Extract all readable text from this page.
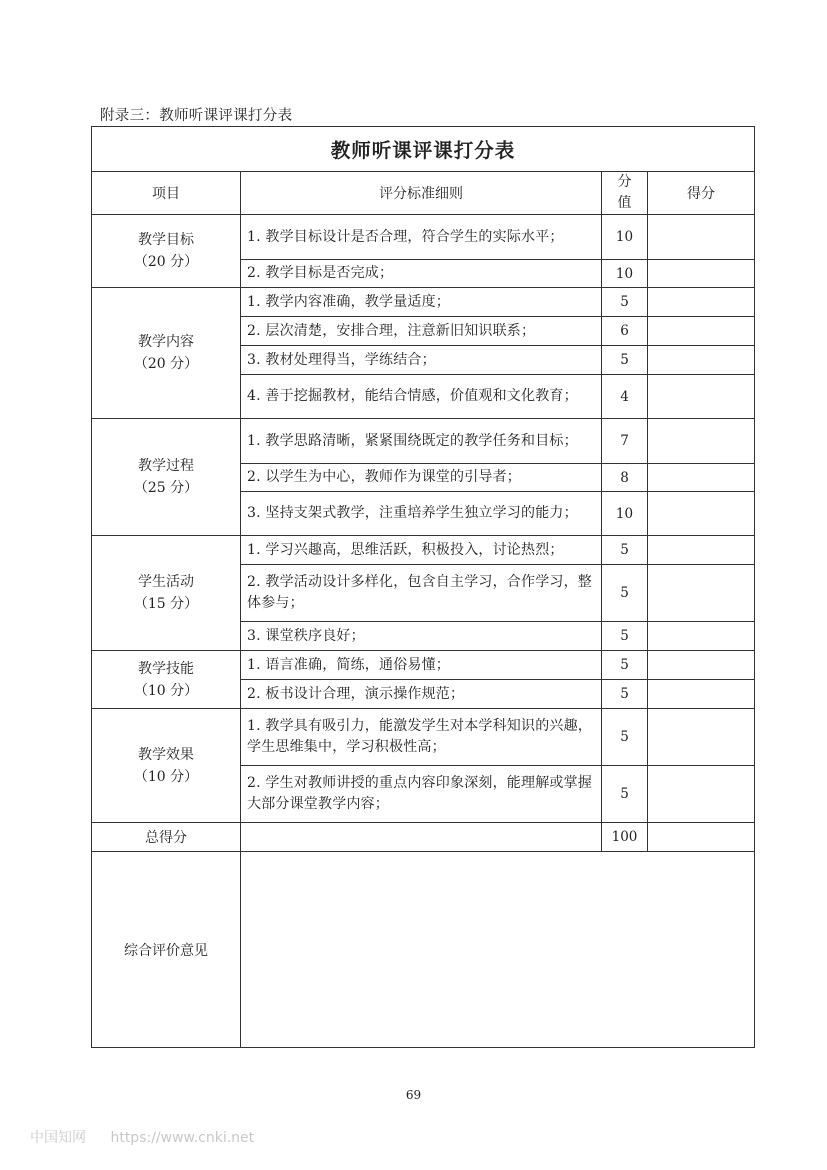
附录三：教师听课评课打分表
教师听课评课打分表			
项目	评分标准细则	分值	得分

教学目标
（20 分）	1. 教学目标设计是否合理，符合学生的实际水平；	10	
	2. 教学目标是否完成；	10	

教学内容
（20 分）	1. 教学内容准确，教学量适度；	5	
	2. 层次清楚，安排合理，注意新旧知识联系；	6	
	3. 教材处理得当，学练结合；	5	
	4. 善于挖掘教材，能结合情感，价值观和文化教育；	4	

教学过程
（25 分）	1. 教学思路清晰，紧紧围绕既定的教学任务和目标；	7	
	2. 以学生为中心，教师作为课堂的引导者；	8	
	3. 坚持支架式教学，注重培养学生独立学习的能力；	10	

学生活动
（15 分）	1. 学习兴趣高，思维活跃，积极投入，讨论热烈；	5	
	2. 教学活动设计多样化，包含自主学习，合作学习，整体参与；	5	
	3. 课堂秩序良好；	5	

教学技能
（10 分）	1. 语言准确，简练，通俗易懂；	5	
	2. 板书设计合理，演示操作规范；	5	

教学效果
（10 分）	1. 教学具有吸引力，能激发学生对本学科知识的兴趣，学生思维集中，学习积极性高；	5	
	2. 学生对教师讲授的重点内容印象深刻，能理解或掌握大部分课堂教学内容；	5	
总得分		100	
综合评价意见			
69
中国知网 https://www.cnki.net
